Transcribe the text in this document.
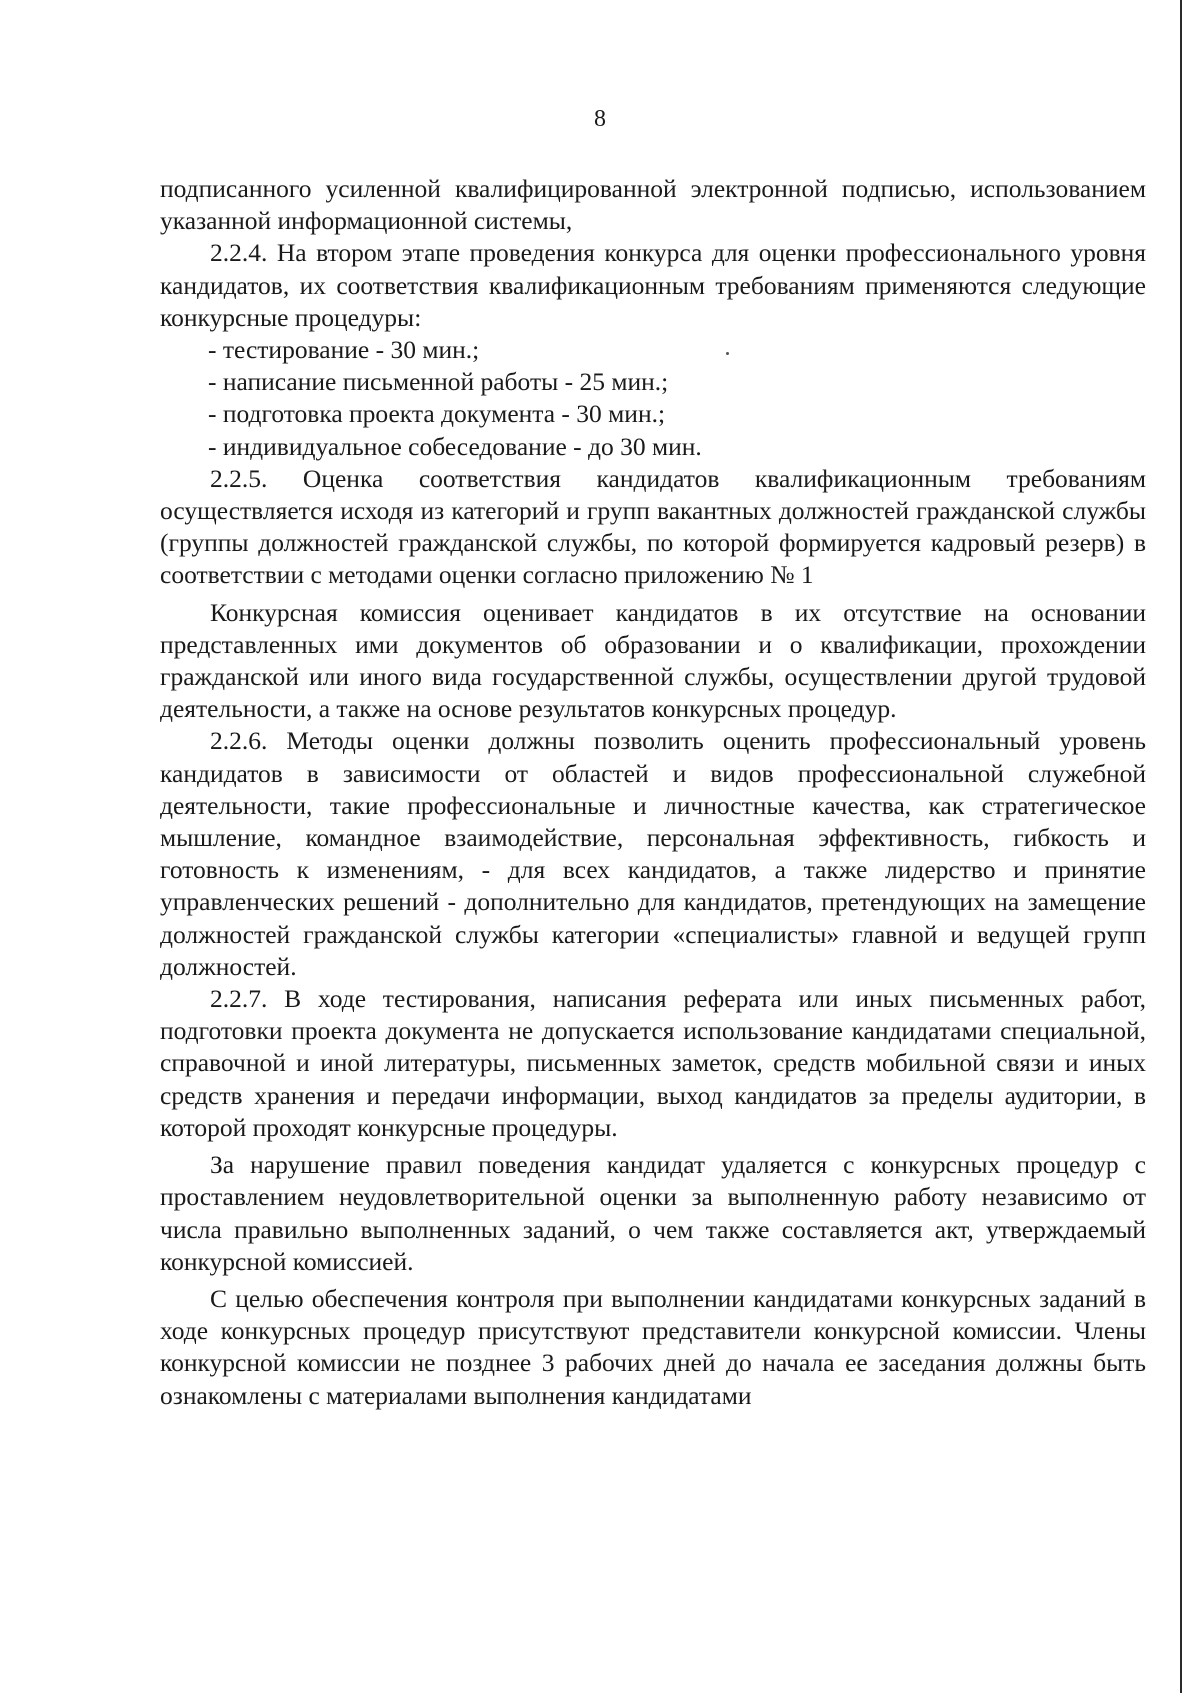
8

подписанного усиленной квалифицированной электронной подписью, использованием указанной информационной системы,

2.2.4. На втором этапе проведения конкурса для оценки профессионального уровня кандидатов, их соответствия квалификационным требованиям применяются следующие конкурсные процедуры:

- тестирование - 30 мин.;

- написание письменной работы - 25 мин.;

- подготовка проекта документа - 30 мин.;

- индивидуальное собеседование - до 30 мин.

2.2.5. Оценка соответствия кандидатов квалификационным требованиям осуществляется исходя из категорий и групп вакантных должностей гражданской службы (группы должностей гражданской службы, по которой формируется кадровый резерв) в соответствии с методами оценки согласно приложению № 1

Конкурсная комиссия оценивает кандидатов в их отсутствие на основании представленных ими документов об образовании и о квалификации, прохождении гражданской или иного вида государственной службы, осуществлении другой трудовой деятельности, а также на основе результатов конкурсных процедур.

2.2.6. Методы оценки должны позволить оценить профессиональный уровень кандидатов в зависимости от областей и видов профессиональной служебной деятельности, такие профессиональные и личностные качества, как стратегическое мышление, командное взаимодействие, персональная эффективность, гибкость и готовность к изменениям, - для всех кандидатов, а также лидерство и принятие управленческих решений - дополнительно для кандидатов, претендующих на замещение должностей гражданской службы категории «специалисты» главной и ведущей групп должностей.

2.2.7. В ходе тестирования, написания реферата или иных письменных работ, подготовки проекта документа не допускается использование кандидатами специальной, справочной и иной литературы, письменных заметок, средств мобильной связи и иных средств хранения и передачи информации, выход кандидатов за пределы аудитории, в которой проходят конкурсные процедуры.

За нарушение правил поведения кандидат удаляется с конкурсных процедур с проставлением неудовлетворительной оценки за выполненную работу независимо от числа правильно выполненных заданий, о чем также составляется акт, утверждаемый конкурсной комиссией.

С целью обеспечения контроля при выполнении кандидатами конкурсных заданий в ходе конкурсных процедур присутствуют представители конкурсной комиссии. Члены конкурсной комиссии не позднее 3 рабочих дней до начала ее заседания должны быть ознакомлены с материалами выполнения кандидатами
